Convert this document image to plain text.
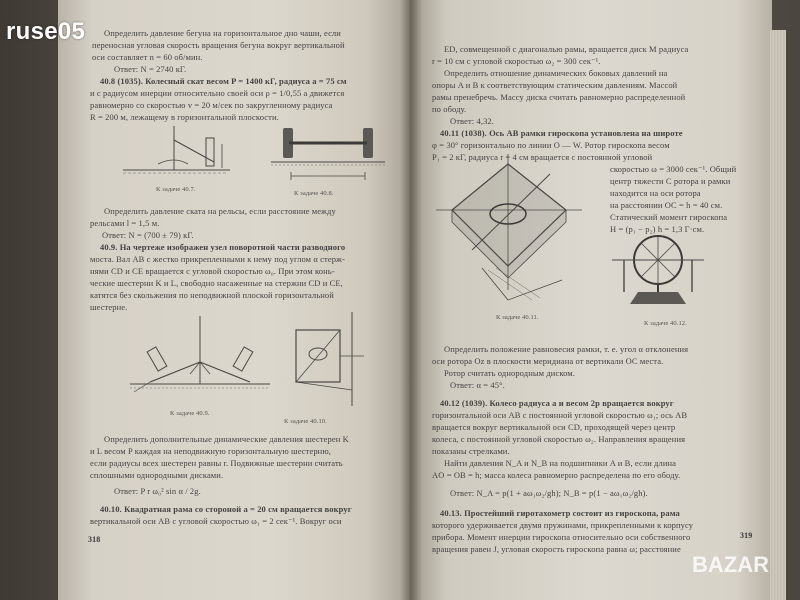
Определить давление бегуна на горизонтальное дно чаши, если
переносная угловая скорость вращения бегуна вокруг вертикальной
оси составляет n = 60 об/мин.
Ответ: N = 2740 кГ.
40.8 (1035). Колесный скат весом P = 1400 кГ, радиуса a = 75 см
и с радиусом инерции относительно своей оси ρ = 1/0,55 a движется
равномерно со скоростью v = 20 м/сек по закругленному радиуса
R = 200 м, лежащему в горизонтальной плоскости.
К задаче 40.7.
К задаче 40.8.
Определить давление ската на рельсы, если расстояние между
рельсами l = 1,5 м.
Ответ: N = (700 ± 79) кГ.
40.9. На чертеже изображен узел поворотной части разводного
моста. Вал AB с жестко прикрепленными к нему под углом α стерж-
нями CD и CE вращается с угловой скоростью ω₀. При этом конь-
ческие шестерни K и L, свободно насаженные на стержни CD и CE,
катятся без скольжения по неподвижной плоской горизонтальной
шестерне.
К задаче 40.9.
К задаче 40.10.
Определить дополнительные динамические давления шестерен K
и L весом P каждая на неподвижную горизонтальную шестерню,
если радиусы всех шестерен равны r. Подвижные шестерни считать
сплошными однородными дисками.
Ответ: P r ω₀² sin α / 2g.
40.10. Квадратная рама со стороной a = 20 см вращается вокруг
вертикальной оси AB с угловой скоростью ω₁ = 2 сек⁻¹. Вокруг оси
318
ED, совмещенной с диагональю рамы, вращается диск M радиуса
r = 10 см с угловой скоростью ω₂ = 300 сек⁻¹.
Определить отношение динамических боковых давлений на
опоры A и B к соответствующим статическим давлениям. Массой
рамы пренебречь. Массу диска считать равномерно распределенной
по ободу.
Ответ: 4,32.
40.11 (1038). Ось AB рамки гироскопа установлена на широте
φ = 30° горизонтально по линии O — W. Ротор гироскопа весом
P₁ = 2 кГ, радиуса r = 4 см вращается с постоянной угловой
скоростью ω = 3000 сек⁻¹. Общий
центр тяжести C ротора и рамки
находится на оси ротора
на расстоянии OC = h = 40 см.
Статический момент гироскопа
H = (p₁ − p₂) h = 1,3 Г·см.
К задаче 40.11.
К задаче 40.12.
Определить положение равновесия рамки, т. е. угол α отклонения
оси ротора Oz в плоскости меридиана от вертикали OC места.
Ротор считать однородным диском.
Ответ: α = 45°.
40.12 (1039). Колесо радиуса a и весом 2p вращается вокруг
горизонтальной оси AB с постоянной угловой скоростью ω₁; ось AB
вращается вокруг вертикальной оси CD, проходящей через центр
колеса, с постоянной угловой скоростью ω₂. Направления вращения
показаны стрелками.
Найти давления N_A и N_B на подшипники A и B, если длина
AO = OB = h; масса колеса равномерно распределена по его ободу.
Ответ: N_A = p(1 + aω₁ω₂/gh); N_B = p(1 − aω₁ω₂/gh).
40.13. Простейший гиротахометр состоит из гироскопа, рама
которого удерживается двумя пружинами, прикрепленными к корпусу
прибора. Момент инерции гироскопа относительно оси собственного
вращения равен J, угловая скорость гироскопа равна ω; расстояние
319
ruse05
BAZAR
